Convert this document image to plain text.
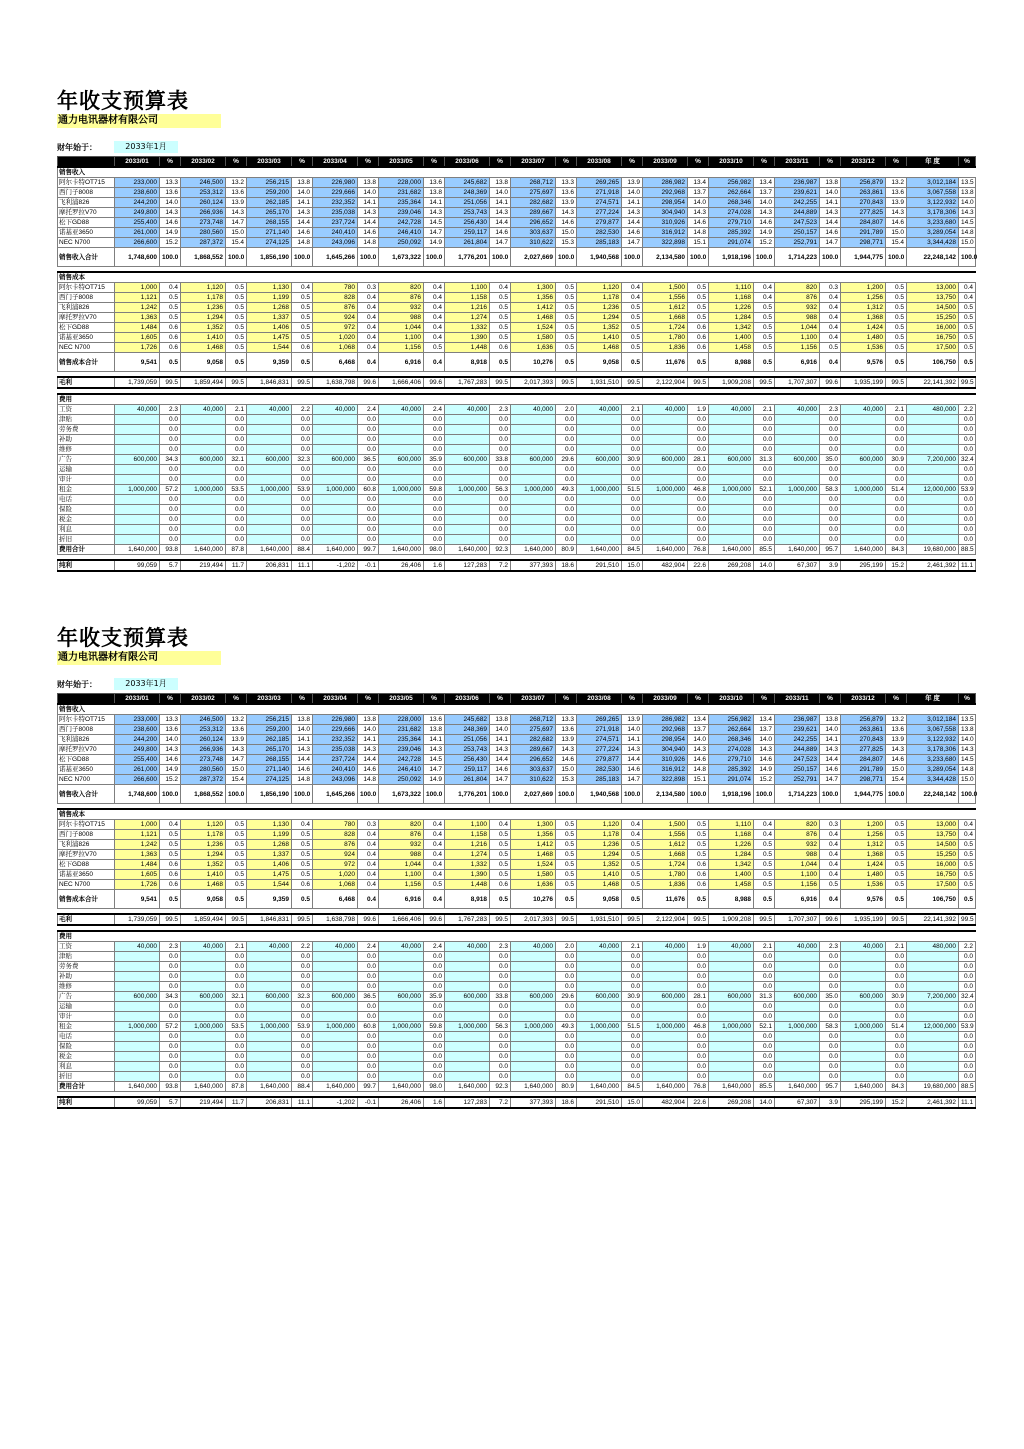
年收支预算表
通力电讯器材有限公司
财年始于：	2033年1月
	2033/01	%	2033/02	%	2033/03	%	2033/04	%	2033/05	%	2033/06	%	2033/07	%	2033/08	%	2033/09	%	2033/10	%	2033/11	%	2033/12	%	年 度	%
销售收入																										
阿尔卡特OT715	233,000	13.3	246,500	13.2	256,215	13.8	226,980	13.8	228,000	13.6	245,682	13.8	268,712	13.3	269,265	13.9	286,982	13.4	256,982	13.4	236,987	13.8	256,879	13.2	3,012,184	13.5
西门子8008	238,600	13.6	253,312	13.6	259,200	14.0	229,666	14.0	231,682	13.8	248,369	14.0	275,697	13.6	271,918	14.0	292,968	13.7	262,664	13.7	239,621	14.0	263,861	13.6	3,067,558	13.8
飞利浦826	244,200	14.0	260,124	13.9	262,185	14.1	232,352	14.1	235,364	14.1	251,056	14.1	282,682	13.9	274,571	14.1	298,954	14.0	268,346	14.0	242,255	14.1	270,843	13.9	3,122,932	14.0
摩托罗拉V70	249,800	14.3	266,936	14.3	265,170	14.3	235,038	14.3	239,046	14.3	253,743	14.3	289,667	14.3	277,224	14.3	304,940	14.3	274,028	14.3	244,889	14.3	277,825	14.3	3,178,306	14.3
松下GD88	255,400	14.6	273,748	14.7	268,155	14.4	237,724	14.4	242,728	14.5	256,430	14.4	296,652	14.6	279,877	14.4	310,926	14.6	279,710	14.6	247,523	14.4	284,807	14.6	3,233,680	14.5
诺基亚3650	261,000	14.9	280,560	15.0	271,140	14.6	240,410	14.6	246,410	14.7	259,117	14.6	303,637	15.0	282,530	14.6	316,912	14.8	285,392	14.9	250,157	14.6	291,789	15.0	3,289,054	14.8
NEC N700	266,600	15.2	287,372	15.4	274,125	14.8	243,096	14.8	250,092	14.9	261,804	14.7	310,622	15.3	285,183	14.7	322,898	15.1	291,074	15.2	252,791	14.7	298,771	15.4	3,344,428	15.0
销售收入合计	1,748,600	100.0	1,868,552	100.0	1,856,190	100.0	1,645,266	100.0	1,673,322	100.0	1,776,201	100.0	2,027,669	100.0	1,940,568	100.0	2,134,580	100.0	1,918,196	100.0	1,714,223	100.0	1,944,775	100.0	22,248,142	100.0

销售成本																										
阿尔卡特OT715	1,000	0.4	1,120	0.5	1,130	0.4	780	0.3	820	0.4	1,100	0.4	1,300	0.5	1,120	0.4	1,500	0.5	1,110	0.4	820	0.3	1,200	0.5	13,000	0.4
西门子8008	1,121	0.5	1,178	0.5	1,199	0.5	828	0.4	876	0.4	1,158	0.5	1,356	0.5	1,178	0.4	1,556	0.5	1,168	0.4	876	0.4	1,256	0.5	13,750	0.4
飞利浦826	1,242	0.5	1,236	0.5	1,268	0.5	876	0.4	932	0.4	1,216	0.5	1,412	0.5	1,236	0.5	1,612	0.5	1,226	0.5	932	0.4	1,312	0.5	14,500	0.5
摩托罗拉V70	1,363	0.5	1,294	0.5	1,337	0.5	924	0.4	988	0.4	1,274	0.5	1,468	0.5	1,294	0.5	1,668	0.5	1,284	0.5	988	0.4	1,368	0.5	15,250	0.5
松下GD88	1,484	0.6	1,352	0.5	1,406	0.5	972	0.4	1,044	0.4	1,332	0.5	1,524	0.5	1,352	0.5	1,724	0.6	1,342	0.5	1,044	0.4	1,424	0.5	16,000	0.5
诺基亚3650	1,605	0.6	1,410	0.5	1,475	0.5	1,020	0.4	1,100	0.4	1,390	0.5	1,580	0.5	1,410	0.5	1,780	0.6	1,400	0.5	1,100	0.4	1,480	0.5	16,750	0.5
NEC N700	1,726	0.6	1,468	0.5	1,544	0.6	1,068	0.4	1,156	0.5	1,448	0.6	1,636	0.5	1,468	0.5	1,836	0.6	1,458	0.5	1,156	0.5	1,536	0.5	17,500	0.5
销售成本合计	9,541	0.5	9,058	0.5	9,359	0.5	6,468	0.4	6,916	0.4	8,918	0.5	10,276	0.5	9,058	0.5	11,676	0.5	8,988	0.5	6,916	0.4	9,576	0.5	106,750	0.5

毛利	1,739,059	99.5	1,859,494	99.5	1,846,831	99.5	1,638,798	99.6	1,666,406	99.6	1,767,283	99.5	2,017,393	99.5	1,931,510	99.5	2,122,904	99.5	1,909,208	99.5	1,707,307	99.6	1,935,199	99.5	22,141,392	99.5

费用																										
工资	40,000	2.3	40,000	2.1	40,000	2.2	40,000	2.4	40,000	2.4	40,000	2.3	40,000	2.0	40,000	2.1	40,000	1.9	40,000	2.1	40,000	2.3	40,000	2.1	480,000	2.2
津贴		0.0		0.0		0.0		0.0		0.0		0.0		0.0		0.0		0.0		0.0		0.0		0.0		0.0
劳务费		0.0		0.0		0.0		0.0		0.0		0.0		0.0		0.0		0.0		0.0		0.0		0.0		0.0
补助		0.0		0.0		0.0		0.0		0.0		0.0		0.0		0.0		0.0		0.0		0.0		0.0		0.0
维修		0.0		0.0		0.0		0.0		0.0		0.0		0.0		0.0		0.0		0.0		0.0		0.0		0.0
广告	600,000	34.3	600,000	32.1	600,000	32.3	600,000	36.5	600,000	35.9	600,000	33.8	600,000	29.6	600,000	30.9	600,000	28.1	600,000	31.3	600,000	35.0	600,000	30.9	7,200,000	32.4
运输		0.0		0.0		0.0		0.0		0.0		0.0		0.0		0.0		0.0		0.0		0.0		0.0		0.0
审计		0.0		0.0		0.0		0.0		0.0		0.0		0.0		0.0		0.0		0.0		0.0		0.0		0.0
租金	1,000,000	57.2	1,000,000	53.5	1,000,000	53.9	1,000,000	60.8	1,000,000	59.8	1,000,000	56.3	1,000,000	49.3	1,000,000	51.5	1,000,000	46.8	1,000,000	52.1	1,000,000	58.3	1,000,000	51.4	12,000,000	53.9
电话		0.0		0.0		0.0		0.0		0.0		0.0		0.0		0.0		0.0		0.0		0.0		0.0		0.0
保险		0.0		0.0		0.0		0.0		0.0		0.0		0.0		0.0		0.0		0.0		0.0		0.0		0.0
税金		0.0		0.0		0.0		0.0		0.0		0.0		0.0		0.0		0.0		0.0		0.0		0.0		0.0
利息		0.0		0.0		0.0		0.0		0.0		0.0		0.0		0.0		0.0		0.0		0.0		0.0		0.0
折旧		0.0		0.0		0.0		0.0		0.0		0.0		0.0		0.0		0.0		0.0		0.0		0.0		0.0
费用合计	1,640,000	93.8	1,640,000	87.8	1,640,000	88.4	1,640,000	99.7	1,640,000	98.0	1,640,000	92.3	1,640,000	80.9	1,640,000	84.5	1,640,000	76.8	1,640,000	85.5	1,640,000	95.7	1,640,000	84.3	19,680,000	88.5

纯利	99,059	5.7	219,494	11.7	206,831	11.1	-1,202	-0.1	26,406	1.6	127,283	7.2	377,393	18.6	291,510	15.0	482,904	22.6	269,208	14.0	67,307	3.9	295,199	15.2	2,461,392	11.1
年收支预算表
通力电讯器材有限公司
财年始于：	2033年1月
	2033/01	%	2033/02	%	2033/03	%	2033/04	%	2033/05	%	2033/06	%	2033/07	%	2033/08	%	2033/09	%	2033/10	%	2033/11	%	2033/12	%	年 度	%
销售收入																										
阿尔卡特OT715	233,000	13.3	246,500	13.2	256,215	13.8	226,980	13.8	228,000	13.6	245,682	13.8	268,712	13.3	269,265	13.9	286,982	13.4	256,982	13.4	236,987	13.8	256,879	13.2	3,012,184	13.5
西门子8008	238,600	13.6	253,312	13.6	259,200	14.0	229,666	14.0	231,682	13.8	248,369	14.0	275,697	13.6	271,918	14.0	292,968	13.7	262,664	13.7	239,621	14.0	263,861	13.6	3,067,558	13.8
飞利浦826	244,200	14.0	260,124	13.9	262,185	14.1	232,352	14.1	235,364	14.1	251,056	14.1	282,682	13.9	274,571	14.1	298,954	14.0	268,346	14.0	242,255	14.1	270,843	13.9	3,122,932	14.0
摩托罗拉V70	249,800	14.3	266,936	14.3	265,170	14.3	235,038	14.3	239,046	14.3	253,743	14.3	289,667	14.3	277,224	14.3	304,940	14.3	274,028	14.3	244,889	14.3	277,825	14.3	3,178,306	14.3
松下GD88	255,400	14.6	273,748	14.7	268,155	14.4	237,724	14.4	242,728	14.5	256,430	14.4	296,652	14.6	279,877	14.4	310,926	14.6	279,710	14.6	247,523	14.4	284,807	14.6	3,233,680	14.5
诺基亚3650	261,000	14.9	280,560	15.0	271,140	14.6	240,410	14.6	246,410	14.7	259,117	14.6	303,637	15.0	282,530	14.6	316,912	14.8	285,392	14.9	250,157	14.6	291,789	15.0	3,289,054	14.8
NEC N700	266,600	15.2	287,372	15.4	274,125	14.8	243,096	14.8	250,092	14.9	261,804	14.7	310,622	15.3	285,183	14.7	322,898	15.1	291,074	15.2	252,791	14.7	298,771	15.4	3,344,428	15.0
销售收入合计	1,748,600	100.0	1,868,552	100.0	1,856,190	100.0	1,645,266	100.0	1,673,322	100.0	1,776,201	100.0	2,027,669	100.0	1,940,568	100.0	2,134,580	100.0	1,918,196	100.0	1,714,223	100.0	1,944,775	100.0	22,248,142	100.0

销售成本																										
阿尔卡特OT715	1,000	0.4	1,120	0.5	1,130	0.4	780	0.3	820	0.4	1,100	0.4	1,300	0.5	1,120	0.4	1,500	0.5	1,110	0.4	820	0.3	1,200	0.5	13,000	0.4
西门子8008	1,121	0.5	1,178	0.5	1,199	0.5	828	0.4	876	0.4	1,158	0.5	1,356	0.5	1,178	0.4	1,556	0.5	1,168	0.4	876	0.4	1,256	0.5	13,750	0.4
飞利浦826	1,242	0.5	1,236	0.5	1,268	0.5	876	0.4	932	0.4	1,216	0.5	1,412	0.5	1,236	0.5	1,612	0.5	1,226	0.5	932	0.4	1,312	0.5	14,500	0.5
摩托罗拉V70	1,363	0.5	1,294	0.5	1,337	0.5	924	0.4	988	0.4	1,274	0.5	1,468	0.5	1,294	0.5	1,668	0.5	1,284	0.5	988	0.4	1,368	0.5	15,250	0.5
松下GD88	1,484	0.6	1,352	0.5	1,406	0.5	972	0.4	1,044	0.4	1,332	0.5	1,524	0.5	1,352	0.5	1,724	0.6	1,342	0.5	1,044	0.4	1,424	0.5	16,000	0.5
诺基亚3650	1,605	0.6	1,410	0.5	1,475	0.5	1,020	0.4	1,100	0.4	1,390	0.5	1,580	0.5	1,410	0.5	1,780	0.6	1,400	0.5	1,100	0.4	1,480	0.5	16,750	0.5
NEC N700	1,726	0.6	1,468	0.5	1,544	0.6	1,068	0.4	1,156	0.5	1,448	0.6	1,636	0.5	1,468	0.5	1,836	0.6	1,458	0.5	1,156	0.5	1,536	0.5	17,500	0.5
销售成本合计	9,541	0.5	9,058	0.5	9,359	0.5	6,468	0.4	6,916	0.4	8,918	0.5	10,276	0.5	9,058	0.5	11,676	0.5	8,988	0.5	6,916	0.4	9,576	0.5	106,750	0.5

毛利	1,739,059	99.5	1,859,494	99.5	1,846,831	99.5	1,638,798	99.6	1,666,406	99.6	1,767,283	99.5	2,017,393	99.5	1,931,510	99.5	2,122,904	99.5	1,909,208	99.5	1,707,307	99.6	1,935,199	99.5	22,141,392	99.5

费用																										
工资	40,000	2.3	40,000	2.1	40,000	2.2	40,000	2.4	40,000	2.4	40,000	2.3	40,000	2.0	40,000	2.1	40,000	1.9	40,000	2.1	40,000	2.3	40,000	2.1	480,000	2.2
津贴		0.0		0.0		0.0		0.0		0.0		0.0		0.0		0.0		0.0		0.0		0.0		0.0		0.0
劳务费		0.0		0.0		0.0		0.0		0.0		0.0		0.0		0.0		0.0		0.0		0.0		0.0		0.0
补助		0.0		0.0		0.0		0.0		0.0		0.0		0.0		0.0		0.0		0.0		0.0		0.0		0.0
维修		0.0		0.0		0.0		0.0		0.0		0.0		0.0		0.0		0.0		0.0		0.0		0.0		0.0
广告	600,000	34.3	600,000	32.1	600,000	32.3	600,000	36.5	600,000	35.9	600,000	33.8	600,000	29.6	600,000	30.9	600,000	28.1	600,000	31.3	600,000	35.0	600,000	30.9	7,200,000	32.4
运输		0.0		0.0		0.0		0.0		0.0		0.0		0.0		0.0		0.0		0.0		0.0		0.0		0.0
审计		0.0		0.0		0.0		0.0		0.0		0.0		0.0		0.0		0.0		0.0		0.0		0.0		0.0
租金	1,000,000	57.2	1,000,000	53.5	1,000,000	53.9	1,000,000	60.8	1,000,000	59.8	1,000,000	56.3	1,000,000	49.3	1,000,000	51.5	1,000,000	46.8	1,000,000	52.1	1,000,000	58.3	1,000,000	51.4	12,000,000	53.9
电话		0.0		0.0		0.0		0.0		0.0		0.0		0.0		0.0		0.0		0.0		0.0		0.0		0.0
保险		0.0		0.0		0.0		0.0		0.0		0.0		0.0		0.0		0.0		0.0		0.0		0.0		0.0
税金		0.0		0.0		0.0		0.0		0.0		0.0		0.0		0.0		0.0		0.0		0.0		0.0		0.0
利息		0.0		0.0		0.0		0.0		0.0		0.0		0.0		0.0		0.0		0.0		0.0		0.0		0.0
折旧		0.0		0.0		0.0		0.0		0.0		0.0		0.0		0.0		0.0		0.0		0.0		0.0		0.0
费用合计	1,640,000	93.8	1,640,000	87.8	1,640,000	88.4	1,640,000	99.7	1,640,000	98.0	1,640,000	92.3	1,640,000	80.9	1,640,000	84.5	1,640,000	76.8	1,640,000	85.5	1,640,000	95.7	1,640,000	84.3	19,680,000	88.5

纯利	99,059	5.7	219,494	11.7	206,831	11.1	-1,202	-0.1	26,406	1.6	127,283	7.2	377,393	18.6	291,510	15.0	482,904	22.6	269,208	14.0	67,307	3.9	295,199	15.2	2,461,392	11.1
